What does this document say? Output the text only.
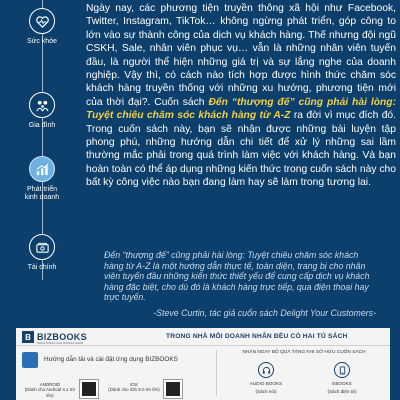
Sức khỏe
Gia đình
Phát triển kinh doanh
Tài chính

Ngày nay, các phương tiện truyền thông xã hội như Facebook, Twitter, Instagram, TikTok… không ngừng phát triển, góp công to lớn vào sự thành công của dịch vụ khách hàng. Thế nhưng đội ngũ CSKH, Sale, nhân viên phục vụ… vẫn là những nhân viên tuyến đầu, là người thể hiện những giá trị và sự lắng nghe của doanh nghiệp. Vậy thì, có cách nào tích hợp được hình thức chăm sóc khách hàng truyền thống với những xu hướng, phương tiện mới của thời đại?. Cuốn sách Đến “thượng đế” cũng phải hài lòng: Tuyệt chiêu chăm sóc khách hàng từ A-Z ra đời vì mục đích đó. Trong cuốn sách này, bạn sẽ nhận được những bài luyện tập phong phú, những hướng dẫn chi tiết để xử lý những sai lầm thường mắc phải trong quá trình làm việc với khách hàng. Và bạn hoàn toàn có thể áp dụng những kiến thức trong cuốn sách này cho bất kỳ công việc nào bạn đang làm hay sẽ làm trong tương lai.

Đến “thượng đế” cũng phải hài lòng: Tuyệt chiêu chăm sóc khách hàng từ A-Z là một hướng dẫn thực tế, toàn diện, trang bị cho nhân viên tuyến đầu những kiến thức thiết yếu để cung cấp dịch vụ khách hàng đặc biệt, cho dù đó là khách hàng trực tiếp, qua điện thoại hay trực tuyến.

-Steve Curtin, tác giả cuốn sách Delight Your Customers-

B BIZBOOKS
SÁCH DÀNH CHO DOANH NHÂN
TRONG NHÀ MỖI DOANH NHÂN ĐỀU CÓ HAI TỦ SÁCH
Hướng dẫn tải và cài đặt ứng dụng BIZBOOKS
ANDROID
(Dành cho Android 4.1 trở lên)
IOS
(Dành cho iOS 9.0 trở lên)
NHẬN NGAY BỘ QUÀ TẶNG KHI SỞ HỮU CUỐN SÁCH
AUDIO BOOKS
(Sách nói)
EBOOKS
(Sách điện tử)
